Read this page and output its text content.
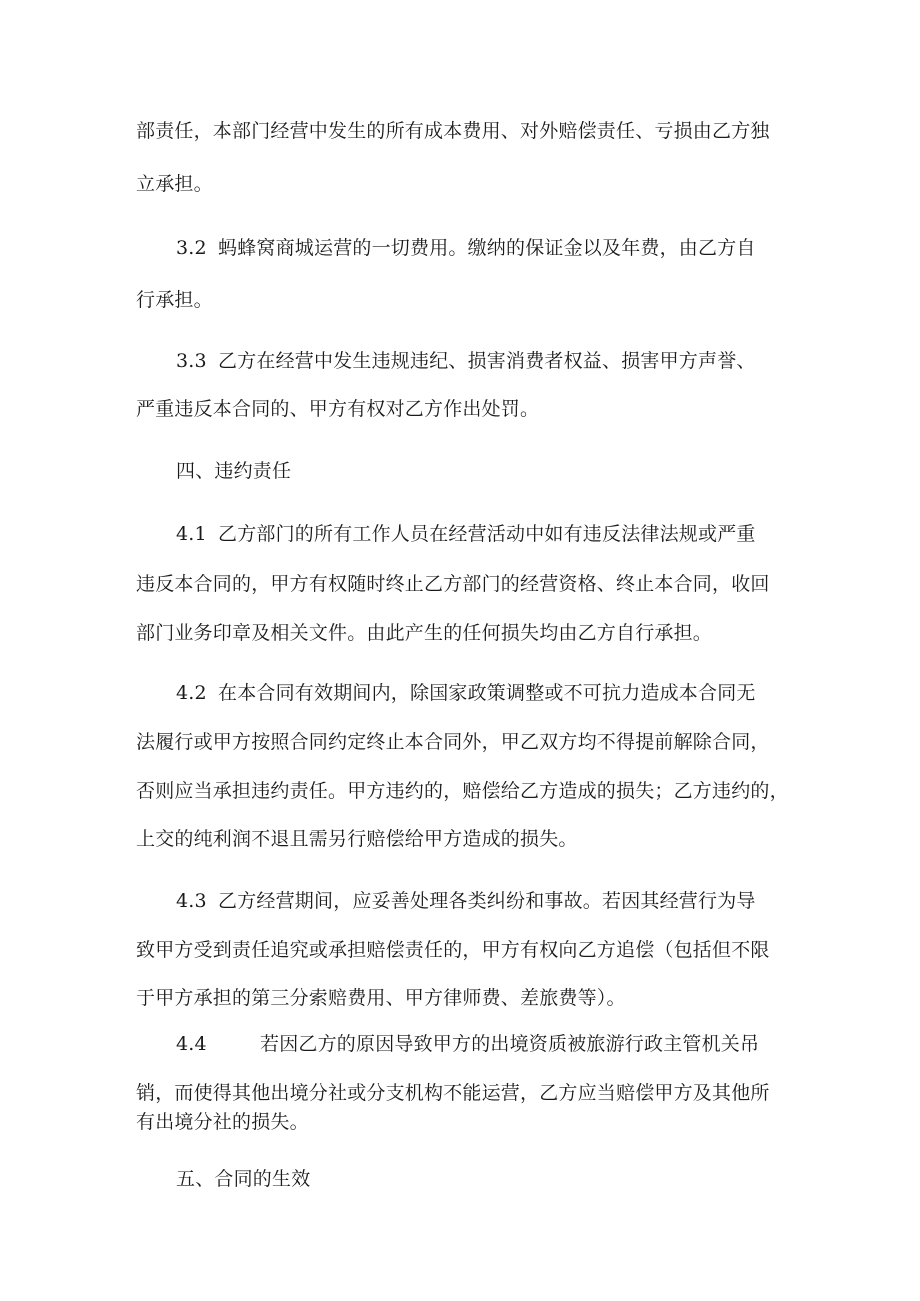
部责任，本部门经营中发生的所有成本费用、对外赔偿责任、亏损由乙方独
立承担。
3.2 蚂蜂窝商城运营的一切费用。缴纳的保证金以及年费，由乙方自
行承担。
3.3 乙方在经营中发生违规违纪、损害消费者权益、损害甲方声誉、
严重违反本合同的、甲方有权对乙方作出处罚。
四、违约责任
4.1 乙方部门的所有工作人员在经营活动中如有违反法律法规或严重
违反本合同的，甲方有权随时终止乙方部门的经营资格、终止本合同，收回
部门业务印章及相关文件。由此产生的任何损失均由乙方自行承担。
4.2 在本合同有效期间内，除国家政策调整或不可抗力造成本合同无
法履行或甲方按照合同约定终止本合同外，甲乙双方均不得提前解除合同，
否则应当承担违约责任。甲方违约的，赔偿给乙方造成的损失；乙方违约的，
上交的纯利润不退且需另行赔偿给甲方造成的损失。
4.3 乙方经营期间，应妥善处理各类纠纷和事故。若因其经营行为导
致甲方受到责任追究或承担赔偿责任的，甲方有权向乙方追偿（包括但不限
于甲方承担的第三分索赔费用、甲方律师费、差旅费等）。
4.4	若因乙方的原因导致甲方的出境资质被旅游行政主管机关吊
销，而使得其他出境分社或分支机构不能运营，乙方应当赔偿甲方及其他所
有出境分社的损失。
五、合同的生效
